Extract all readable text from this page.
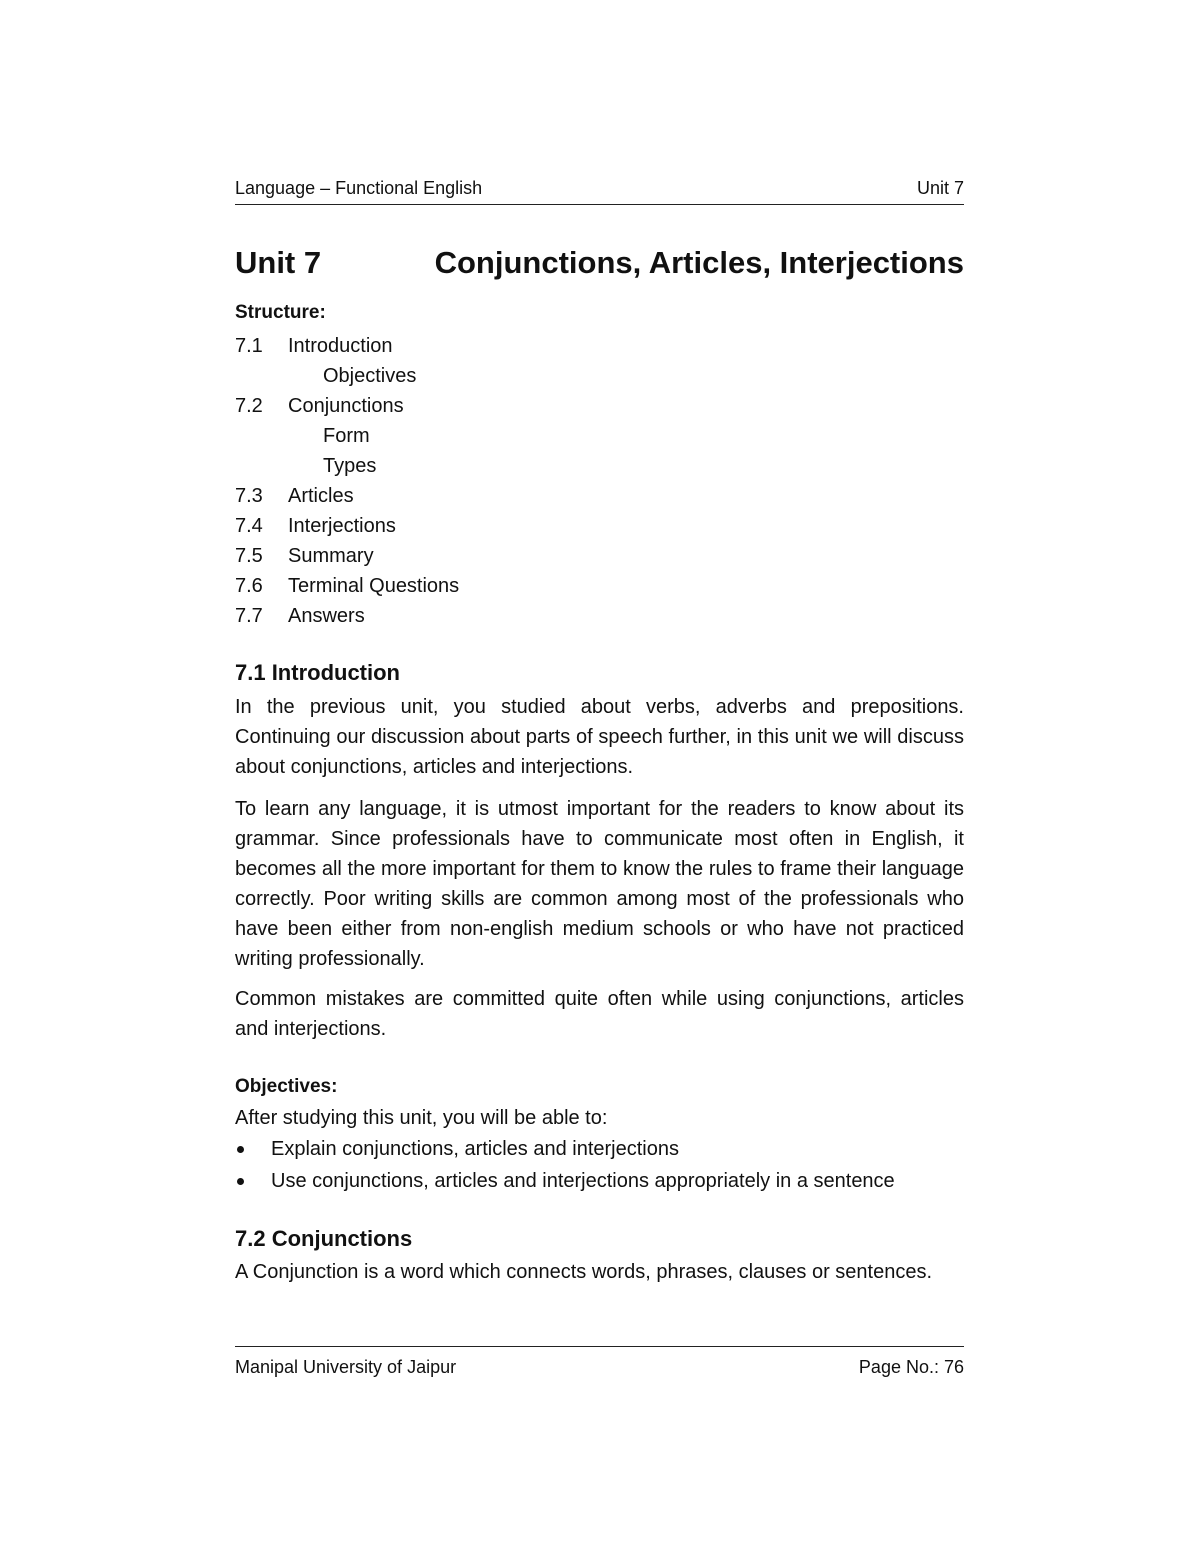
Language – Functional English	Unit 7
Unit 7	Conjunctions, Articles, Interjections
Structure:
7.1 Introduction
Objectives
7.2 Conjunctions
Form
Types
7.3 Articles
7.4 Interjections
7.5 Summary
7.6 Terminal Questions
7.7 Answers
7.1 Introduction

In the previous unit, you studied about verbs, adverbs and prepositions. Continuing our discussion about parts of speech further, in this unit we will discuss about conjunctions, articles and interjections.

To learn any language, it is utmost important for the readers to know about its grammar. Since professionals have to communicate most often in English, it becomes all the more important for them to know the rules to frame their language correctly. Poor writing skills are common among most of the professionals who have been either from non-english medium schools or who have not practiced writing professionally.

Common mistakes are committed quite often while using conjunctions, articles and interjections.

Objectives:

After studying this unit, you will be able to:

Explain conjunctions, articles and interjections
Use conjunctions, articles and interjections appropriately in a sentence
7.2 Conjunctions

A Conjunction is a word which connects words, phrases, clauses or sentences.

Manipal University of Jaipur	Page No.: 76
